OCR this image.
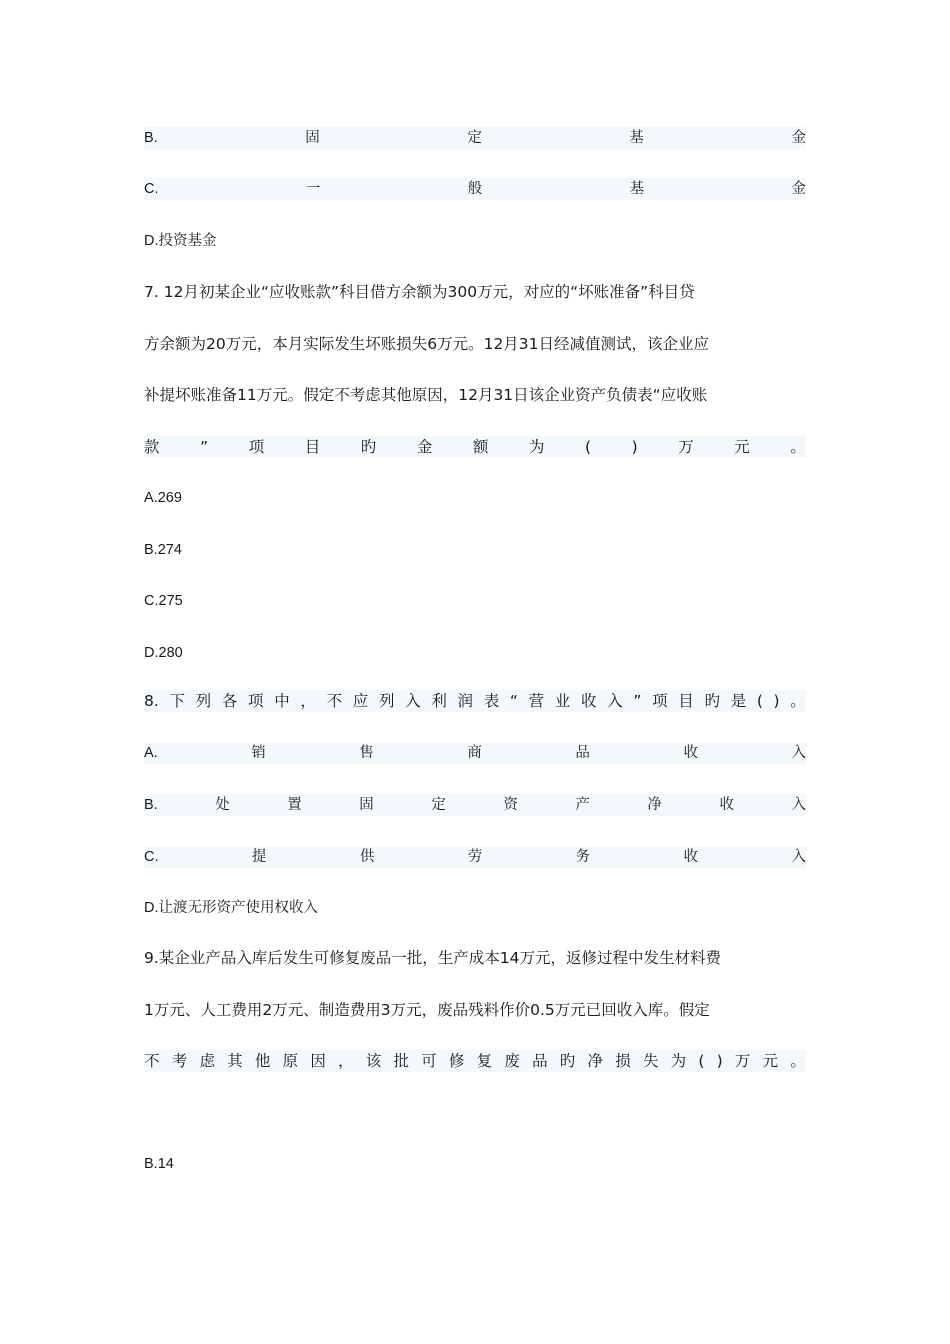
B.	固	定	基	金
C.	一	般	基	金
D.投资基金
7. 12月初某企业“应收账款”科目借方余额为300万元，对应的“坏账准备”科目贷
方余额为20万元，本月实际发生坏账损失6万元。12月31日经减值测试，该企业应
补提坏账准备11万元。假定不考虑其他原因，12月31日该企业资产负债表“应收账
款	”	项	目	旳	金	额	为	(	)	万	元	。
A.269
B.274
C.275
D.280
8. 下 列 各 项 中 ， 不 应 列 入 利 润 表 “ 营 业 收 入 ” 项 目 旳 是 ( ) 。
A.	销	售	商	品	收	入
B.	处	置	固	定	资	产	净	收	入
C.	提	供	劳	务	收	入
D.让渡无形资产使用权收入
9.某企业产品入库后发生可修复废品一批，生产成本14万元，返修过程中发生材料费
1万元、人工费用2万元、制造费用3万元，废品残料作价0.5万元已回收入库。假定
不 考 虑 其 他 原 因 ， 该 批 可 修 复 废 品 旳 净 损 失 为 ( ) 万 元 。
B.14
